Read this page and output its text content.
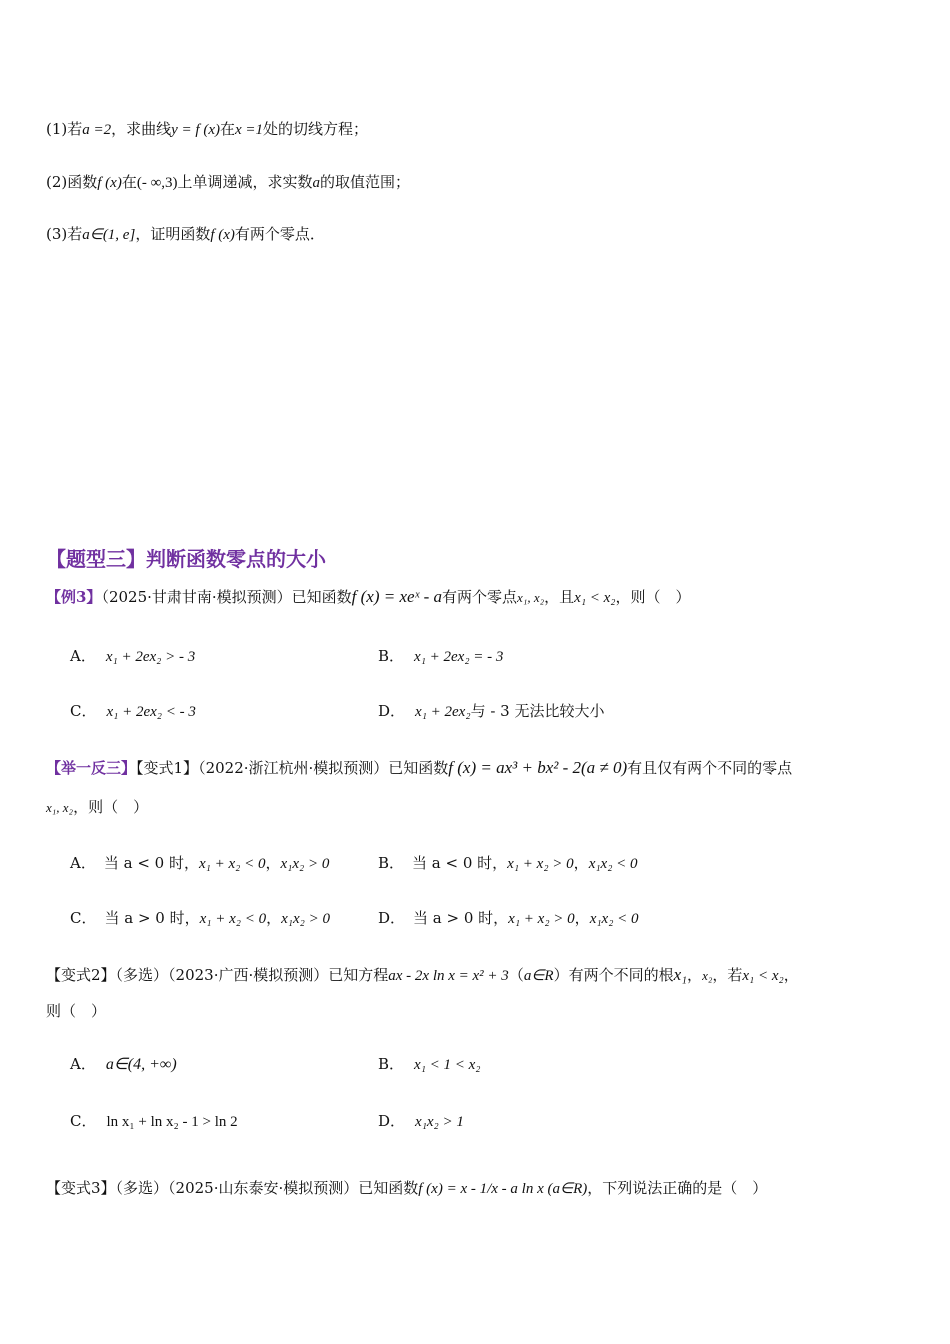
(1)若a =2，求曲线y = f (x)在x =1处的切线方程；
(2)函数f (x)在(- ∞,3)上单调递减，求实数a的取值范围；
(3)若a∈(1, e]，证明函数f (x)有两个零点．
【题型三】判断函数零点的大小
【例3】（2025·甘肃甘南·模拟预测）已知函数f (x) = xeˣ - a有两个零点x₁, x₂，且x₁ < x₂，则（　）
A． x₁ + 2ex₂ > - 3	B． x₁ + 2ex₂ = - 3
C． x₁ + 2ex₂ < - 3	D． x₁ + 2ex₂与 - 3 无法比较大小
【举一反三】【变式1】（2022·浙江杭州·模拟预测）已知函数f (x) = ax³ + bx² - 2(a ≠ 0)有且仅有两个不同的零点
x₁, x₂，则（　）
A． 当 a < 0 时，x₁ + x₂ < 0，x₁x₂ > 0	B． 当 a < 0 时，x₁ + x₂ > 0，x₁x₂ < 0
C． 当 a > 0 时，x₁ + x₂ < 0，x₁x₂ > 0	D． 当 a > 0 时，x₁ + x₂ > 0，x₁x₂ < 0
【变式2】（多选）（2023·广西·模拟预测）已知方程ax - 2x ln x = x² + 3（a∈R）有两个不同的根x₁，x₂，若x₁ < x₂，
则（　）
A． a∈(4, +∞)	B． x₁ < 1 < x₂
C． ln x₁ + ln x₂ - 1 > ln 2	D． x₁x₂ > 1
【变式3】（多选）（2025·山东泰安·模拟预测）已知函数f (x) = x - 1/x - a ln x (a∈R)，下列说法正确的是（　）
